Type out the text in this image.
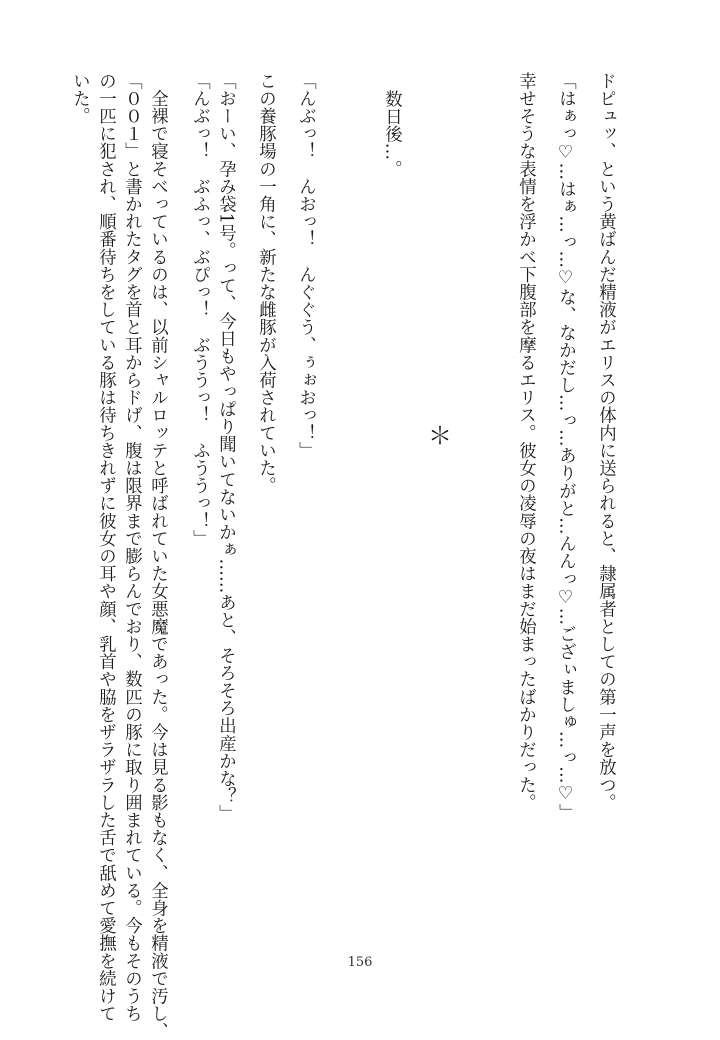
ドピュッ、という黄ばんだ精液がエリスの体内に送られると、隷属者としての第一声を放つ。
「はぁっ♡…はぁ…っ…♡な、なかだし…っ…ありがと…んんっ♡…ござぃましゅ…っ…♡」
幸せそうな表情を浮かべ下腹部を摩るエリス。彼女の凌辱の夜はまだ始まったばかりだった。
＊
数日後…。
「んぶっ！　んおっ！　んぐぐう、ぅぉおっ！」
この養豚場の一角に、新たな雌豚が入荷されていた。
「おーい、孕み袋1号。って、今日もやっぱり聞いてないかぁ……あと、そろそろ出産かな？」
「んぶっ！　ぶふっ、ぶぴっ！　ぶううっ！　ふううっ！」
　全裸で寝そべっているのは、以前シャルロッテと呼ばれていた女悪魔であった。今は見る影もなく、全身を精液で汚し、
「００１」と書かれたタグを首と耳からドげ、腹は限界まで膨らんでおり、数匹の豚に取り囲まれている。今もそのうち
の一匹に犯され、順番待ちをしている豚は待ちきれずに彼女の耳や顔、乳首や脇をザラザラした舌で舐めて愛撫を続けて
いた。
156
